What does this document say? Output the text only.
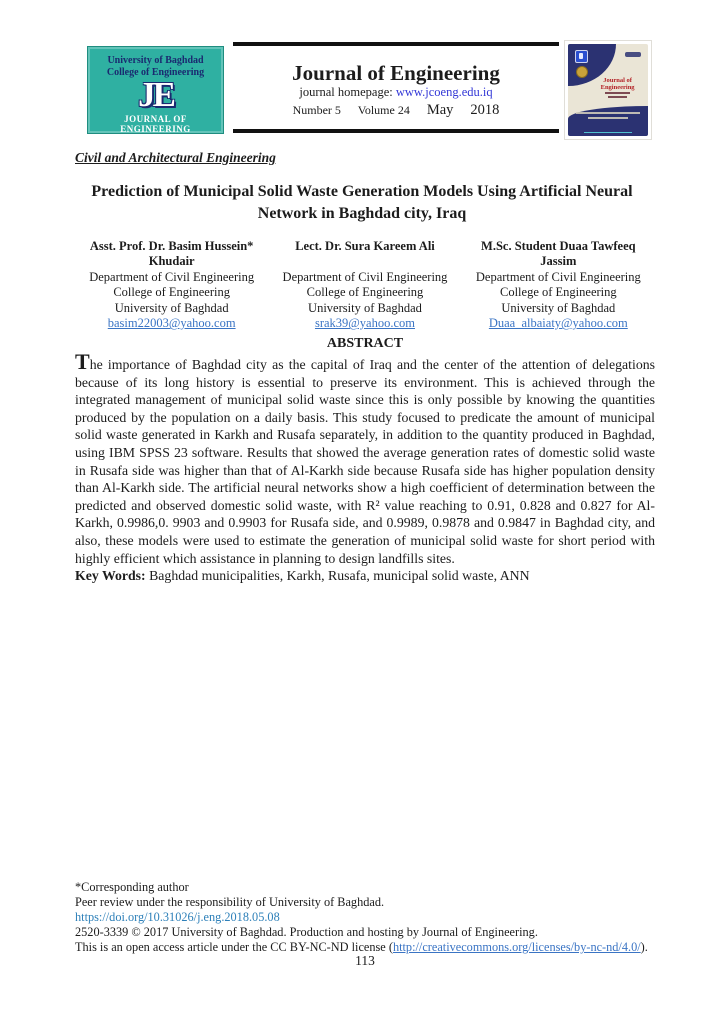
University of Baghdad
College of Engineering
JE
JOURNAL OF ENGINEERING
Journal of Engineering
journal homepage: www.jcoeng.edu.iq
Number 5 Volume 24 May 2018
Journal of Engineering
Civil and Architectural Engineering
Prediction of Municipal Solid Waste Generation Models Using Artificial Neural Network in Baghdad city, Iraq
Asst. Prof. Dr. Basim Hussein*
Khudair
Department of Civil Engineering
College of Engineering
University of Baghdad
basim22003@yahoo.com
Lect. Dr. Sura Kareem Ali
Department of Civil Engineering
College of Engineering
University of Baghdad
srak39@yahoo.com
M.Sc. Student Duaa Tawfeeq
Jassim
Department of Civil Engineering
College of Engineering
University of Baghdad
Duaa_albaiaty@yahoo.com
ABSTRACT

The importance of Baghdad city as the capital of Iraq and the center of the attention of delegations because of its long history is essential to preserve its environment. This is achieved through the integrated management of municipal solid waste since this is only possible by knowing the quantities produced by the population on a daily basis. This study focused to predicate the amount of municipal solid waste generated in Karkh and Rusafa separately, in addition to the quantity produced in Baghdad, using IBM SPSS 23 software. Results that showed the average generation rates of domestic solid waste in Rusafa side was higher than that of Al-Karkh side because Rusafa side has higher population density than Al-Karkh side. The artificial neural networks show a high coefficient of determination between the predicted and observed domestic solid waste, with R² value reaching to 0.91, 0.828 and 0.827 for Al-Karkh, 0.9986,0. 9903 and 0.9903 for Rusafa side, and 0.9989, 0.9878 and 0.9847 in Baghdad city, and also, these models were used to estimate the generation of municipal solid waste for short period with highly efficient which assistance in planning to design landfills sites.

Key Words: Baghdad municipalities, Karkh, Rusafa, municipal solid waste, ANN

*Corresponding author
Peer review under the responsibility of University of Baghdad.
https://doi.org/10.31026/j.eng.2018.05.08
2520-3339 © 2017 University of Baghdad. Production and hosting by Journal of Engineering.
This is an open access article under the CC BY-NC-ND license (http://creativecommons.org/licenses/by-nc-nd/4.0/).
113
